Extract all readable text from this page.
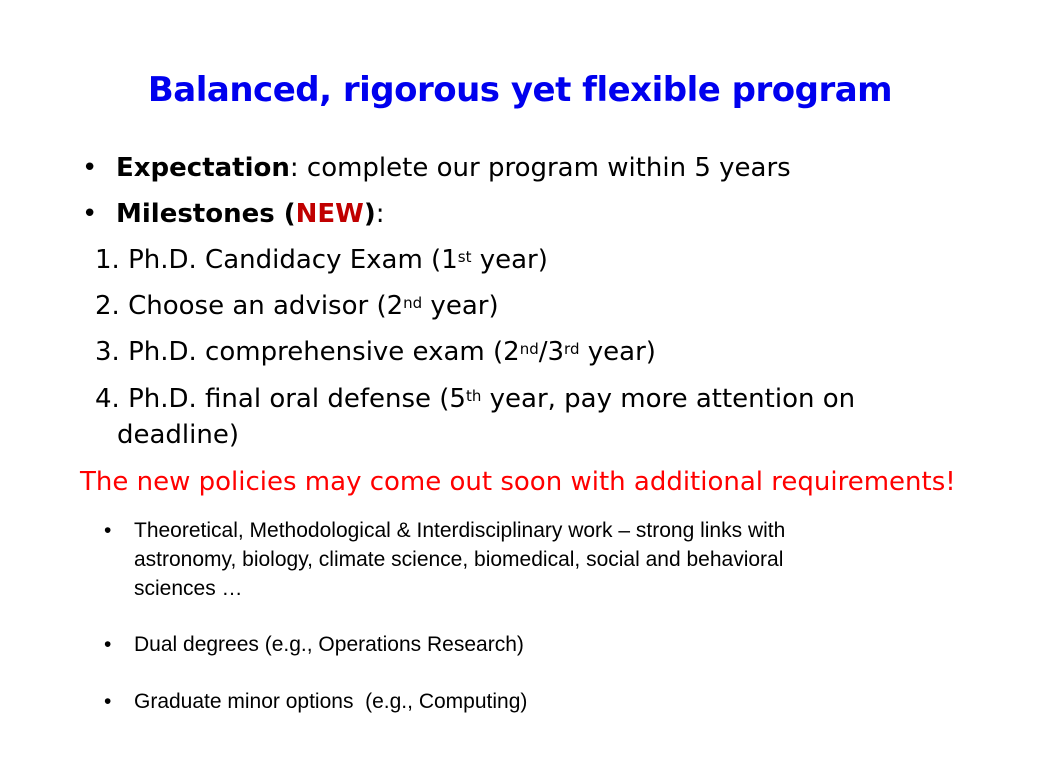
Balanced, rigorous yet flexible program
• Expectation: complete our program within 5 years
• Milestones (NEW):
1. Ph.D. Candidacy Exam (1st year)
2. Choose an advisor (2nd year)
3. Ph.D. comprehensive exam (2nd/3rd year)
4. Ph.D. final oral defense (5th year, pay more attention on
deadline)
The new policies may come out soon with additional requirements!
•	Theoretical, Methodological & Interdisciplinary work – strong links with astronomy, biology, climate science, biomedical, social and behavioral sciences …
•	Dual degrees (e.g., Operations Research)
•	Graduate minor options  (e.g., Computing)
